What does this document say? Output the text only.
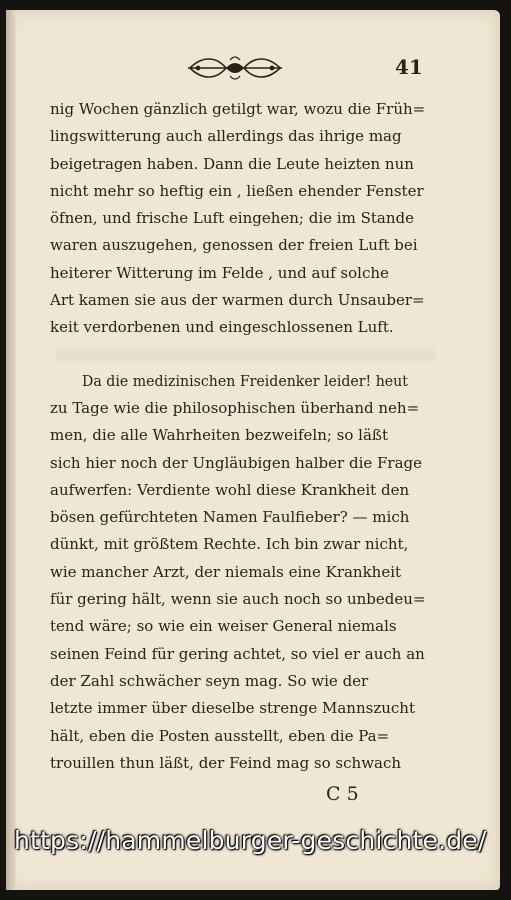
41
nig Wochen gänzlich getilgt war, wozu die Früh=
lingswitterung auch allerdings das ihrige mag
beigetragen haben. Dann die Leute heizten nun
nicht mehr so heftig ein , ließen ehender Fenster
öfnen, und frische Luft eingehen; die im Stande
waren auszugehen, genossen der freien Luft bei
heiterer Witterung im Felde , und auf solche
Art kamen sie aus der warmen durch Unsauber=
keit verdorbenen und eingeschlossenen Luft.
Da die medizinischen Freidenker leider! heut
zu Tage wie die philosophischen überhand neh=
men, die alle Wahrheiten bezweifeln; so läßt
sich hier noch der Ungläubigen halber die Frage
aufwerfen: Verdiente wohl diese Krankheit den
bösen gefürchteten Namen Faulfieber? — mich
dünkt, mit größtem Rechte. Ich bin zwar nicht,
wie mancher Arzt, der niemals eine Krankheit
für gering hält, wenn sie auch noch so unbedeu=
tend wäre; so wie ein weiser General niemals
seinen Feind für gering achtet, so viel er auch an
der Zahl schwächer seyn mag. So wie der
letzte immer über dieselbe strenge Mannszucht
hält, eben die Posten ausstellt, eben die Pa=
trouillen thun läßt, der Feind mag so schwach
C 5
https://hammelburger-geschichte.de/
